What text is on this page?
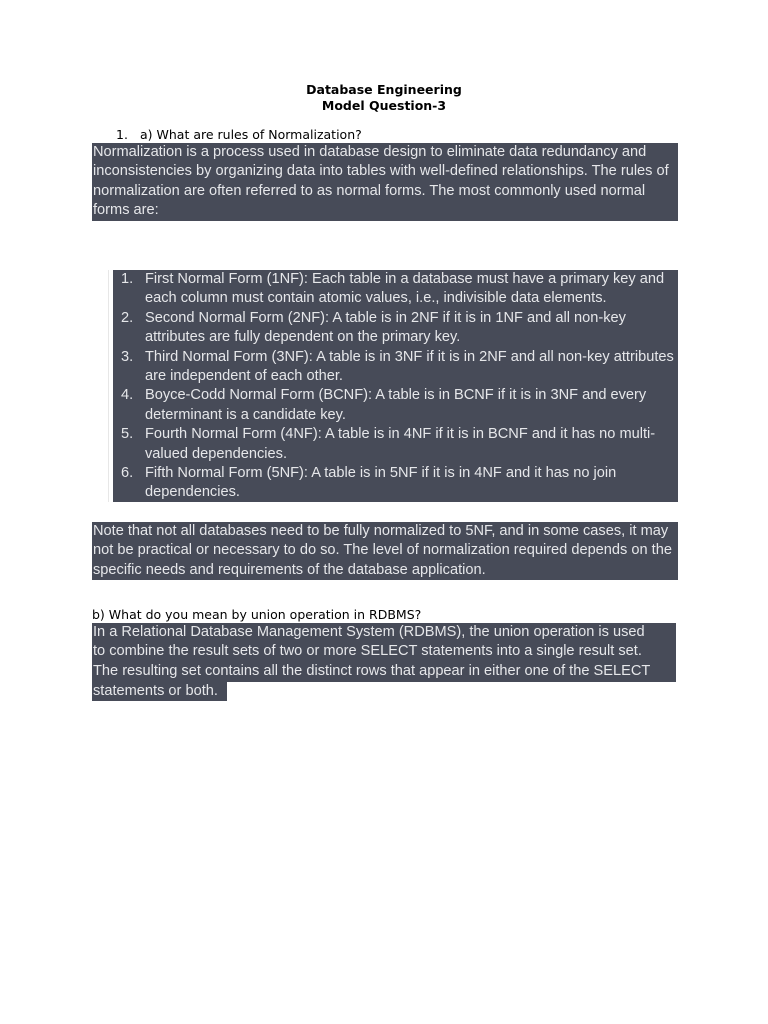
Database Engineering
Model Question-3
1. a) What are rules of Normalization?

Normalization is a process used in database design to eliminate data redundancy and inconsistencies by organizing data into tables with well-defined relationships. The rules of normalization are often referred to as normal forms. The most commonly used normal forms are:

1. First Normal Form (1NF): Each table in a database must have a primary key and each column must contain atomic values, i.e., indivisible data elements.
2. Second Normal Form (2NF): A table is in 2NF if it is in 1NF and all non-key attributes are fully dependent on the primary key.
3. Third Normal Form (3NF): A table is in 3NF if it is in 2NF and all non-key attributes are independent of each other.
4. Boyce-Codd Normal Form (BCNF): A table is in BCNF if it is in 3NF and every determinant is a candidate key.
5. Fourth Normal Form (4NF): A table is in 4NF if it is in BCNF and it has no multi-valued dependencies.
6. Fifth Normal Form (5NF): A table is in 5NF if it is in 4NF and it has no join dependencies.

Note that not all databases need to be fully normalized to 5NF, and in some cases, it may not be practical or necessary to do so. The level of normalization required depends on the specific needs and requirements of the database application.

b) What do you mean by union operation in RDBMS?

In a Relational Database Management System (RDBMS), the union operation is used

to combine the result sets of two or more SELECT statements into a single result set.

The resulting set contains all the distinct rows that appear in either one of the SELECT

statements or both.
